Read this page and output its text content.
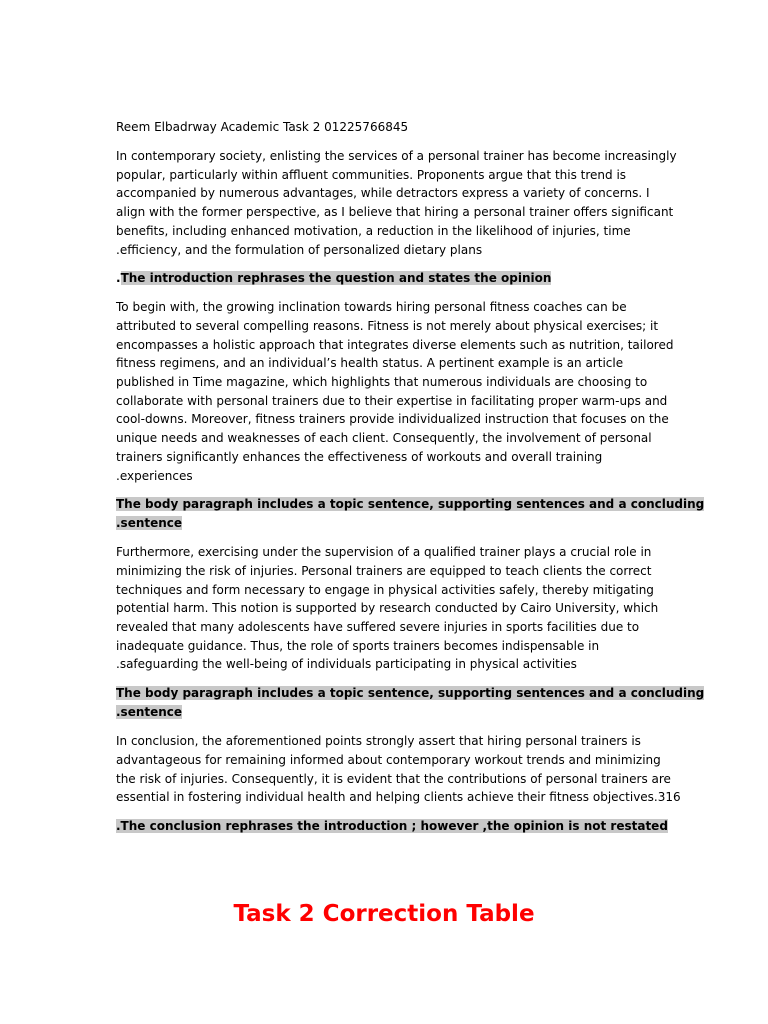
Reem Elbadrway Academic Task 2 01225766845
In contemporary society, enlisting the services of a personal trainer has become increasingly
popular, particularly within affluent communities. Proponents argue that this trend is
accompanied by numerous advantages, while detractors express a variety of concerns. I
align with the former perspective, as I believe that hiring a personal trainer offers significant
benefits, including enhanced motivation, a reduction in the likelihood of injuries, time
.efficiency, and the formulation of personalized dietary plans
.The introduction rephrases the question and states the opinion
To begin with, the growing inclination towards hiring personal fitness coaches can be
attributed to several compelling reasons. Fitness is not merely about physical exercises; it
encompasses a holistic approach that integrates diverse elements such as nutrition, tailored
fitness regimens, and an individual’s health status. A pertinent example is an article
published in Time magazine, which highlights that numerous individuals are choosing to
collaborate with personal trainers due to their expertise in facilitating proper warm-ups and
cool-downs. Moreover, fitness trainers provide individualized instruction that focuses on the
unique needs and weaknesses of each client. Consequently, the involvement of personal
trainers significantly enhances the effectiveness of workouts and overall training
.experiences
The body paragraph includes a topic sentence, supporting sentences and a concluding
.sentence
Furthermore, exercising under the supervision of a qualified trainer plays a crucial role in
minimizing the risk of injuries. Personal trainers are equipped to teach clients the correct
techniques and form necessary to engage in physical activities safely, thereby mitigating
potential harm. This notion is supported by research conducted by Cairo University, which
revealed that many adolescents have suffered severe injuries in sports facilities due to
inadequate guidance. Thus, the role of sports trainers becomes indispensable in
.safeguarding the well-being of individuals participating in physical activities
The body paragraph includes a topic sentence, supporting sentences and a concluding
.sentence
In conclusion, the aforementioned points strongly assert that hiring personal trainers is
advantageous for remaining informed about contemporary workout trends and minimizing
the risk of injuries. Consequently, it is evident that the contributions of personal trainers are
essential in fostering individual health and helping clients achieve their fitness objectives.316
.The conclusion rephrases the introduction ; however ,the opinion is not restated
Task 2 Correction Table
